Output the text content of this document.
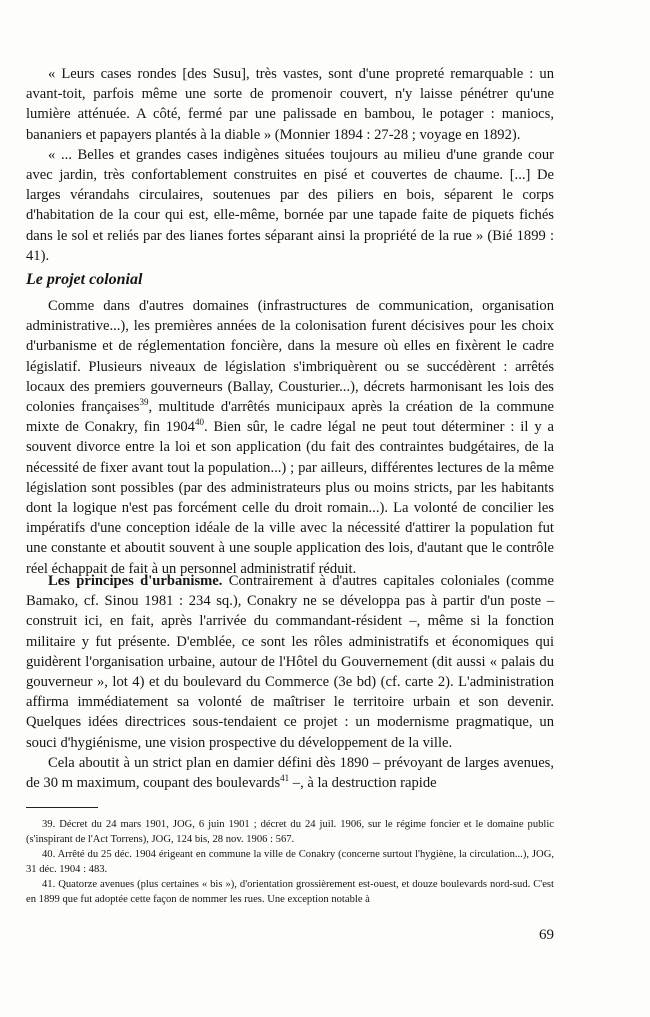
« Leurs cases rondes [des Susu], très vastes, sont d'une propreté remarquable : un avant-toit, parfois même une sorte de promenoir couvert, n'y laisse pénétrer qu'une lumière atténuée. A côté, fermé par une palissade en bambou, le potager : maniocs, bananiers et papayers plantés à la diable » (Monnier 1894 : 27-28 ; voyage en 1892).

« ... Belles et grandes cases indigènes situées toujours au milieu d'une grande cour avec jardin, très confortablement construites en pisé et couvertes de chaume. [...] De larges vérandahs circulaires, soutenues par des piliers en bois, séparent le corps d'habitation de la cour qui est, elle-même, bornée par une tapade faite de piquets fichés dans le sol et reliés par des lianes fortes séparant ainsi la propriété de la rue » (Bié 1899 : 41).

Le projet colonial

Comme dans d'autres domaines (infrastructures de communication, organisation administrative...), les premières années de la colonisation furent décisives pour les choix d'urbanisme et de réglementation foncière, dans la mesure où elles en fixèrent le cadre législatif. Plusieurs niveaux de législation s'imbriquèrent ou se succédèrent : arrêtés locaux des premiers gouverneurs (Ballay, Cousturier...), décrets harmonisant les lois des colonies françaises$^{39}$, multitude d'arrêtés municipaux après la création de la commune mixte de Conakry, fin 1904$^{40}$. Bien sûr, le cadre légal ne peut tout déterminer : il y a souvent divorce entre la loi et son application (du fait des contraintes budgétaires, de la nécessité de fixer avant tout la population...) ; par ailleurs, différentes lectures de la même législation sont possibles (par des administrateurs plus ou moins stricts, par les habitants dont la logique n'est pas forcément celle du droit romain...). La volonté de concilier les impératifs d'une conception idéale de la ville avec la nécessité d'attirer la population fut une constante et aboutit souvent à une souple application des lois, d'autant que le contrôle réel échappait de fait à un personnel administratif réduit.

Les principes d'urbanisme. Contrairement à d'autres capitales coloniales (comme Bamako, cf. Sinou 1981 : 234 sq.), Conakry ne se développa pas à partir d'un poste – construit ici, en fait, après l'arrivée du commandant-résident –, même si la fonction militaire y fut présente. D'emblée, ce sont les rôles administratifs et économiques qui guidèrent l'organisation urbaine, autour de l'Hôtel du Gouvernement (dit aussi « palais du gouverneur », lot 4) et du boulevard du Commerce (3e bd) (cf. carte 2). L'administration affirma immédiatement sa volonté de maîtriser le territoire urbain et son devenir. Quelques idées directrices sous-tendaient ce projet : un modernisme pragmatique, un souci d'hygiénisme, une vision prospective du développement de la ville.

Cela aboutit à un strict plan en damier défini dès 1890 – prévoyant de larges avenues, de 30 m maximum, coupant des boulevards$^{41}$ –, à la destruction rapide

39. Décret du 24 mars 1901, JOG, 6 juin 1901 ; décret du 24 juil. 1906, sur le régime foncier et le domaine public (s'inspirant de l'Act Torrens), JOG, 124 bis, 28 nov. 1906 : 567.

40. Arrêté du 25 déc. 1904 érigeant en commune la ville de Conakry (concerne surtout l'hygiène, la circulation...), JOG, 31 déc. 1904 : 483.

41. Quatorze avenues (plus certaines « bis »), d'orientation grossièrement est-ouest, et douze boulevards nord-sud. C'est en 1899 que fut adoptée cette façon de nommer les rues. Une exception notable à

69
